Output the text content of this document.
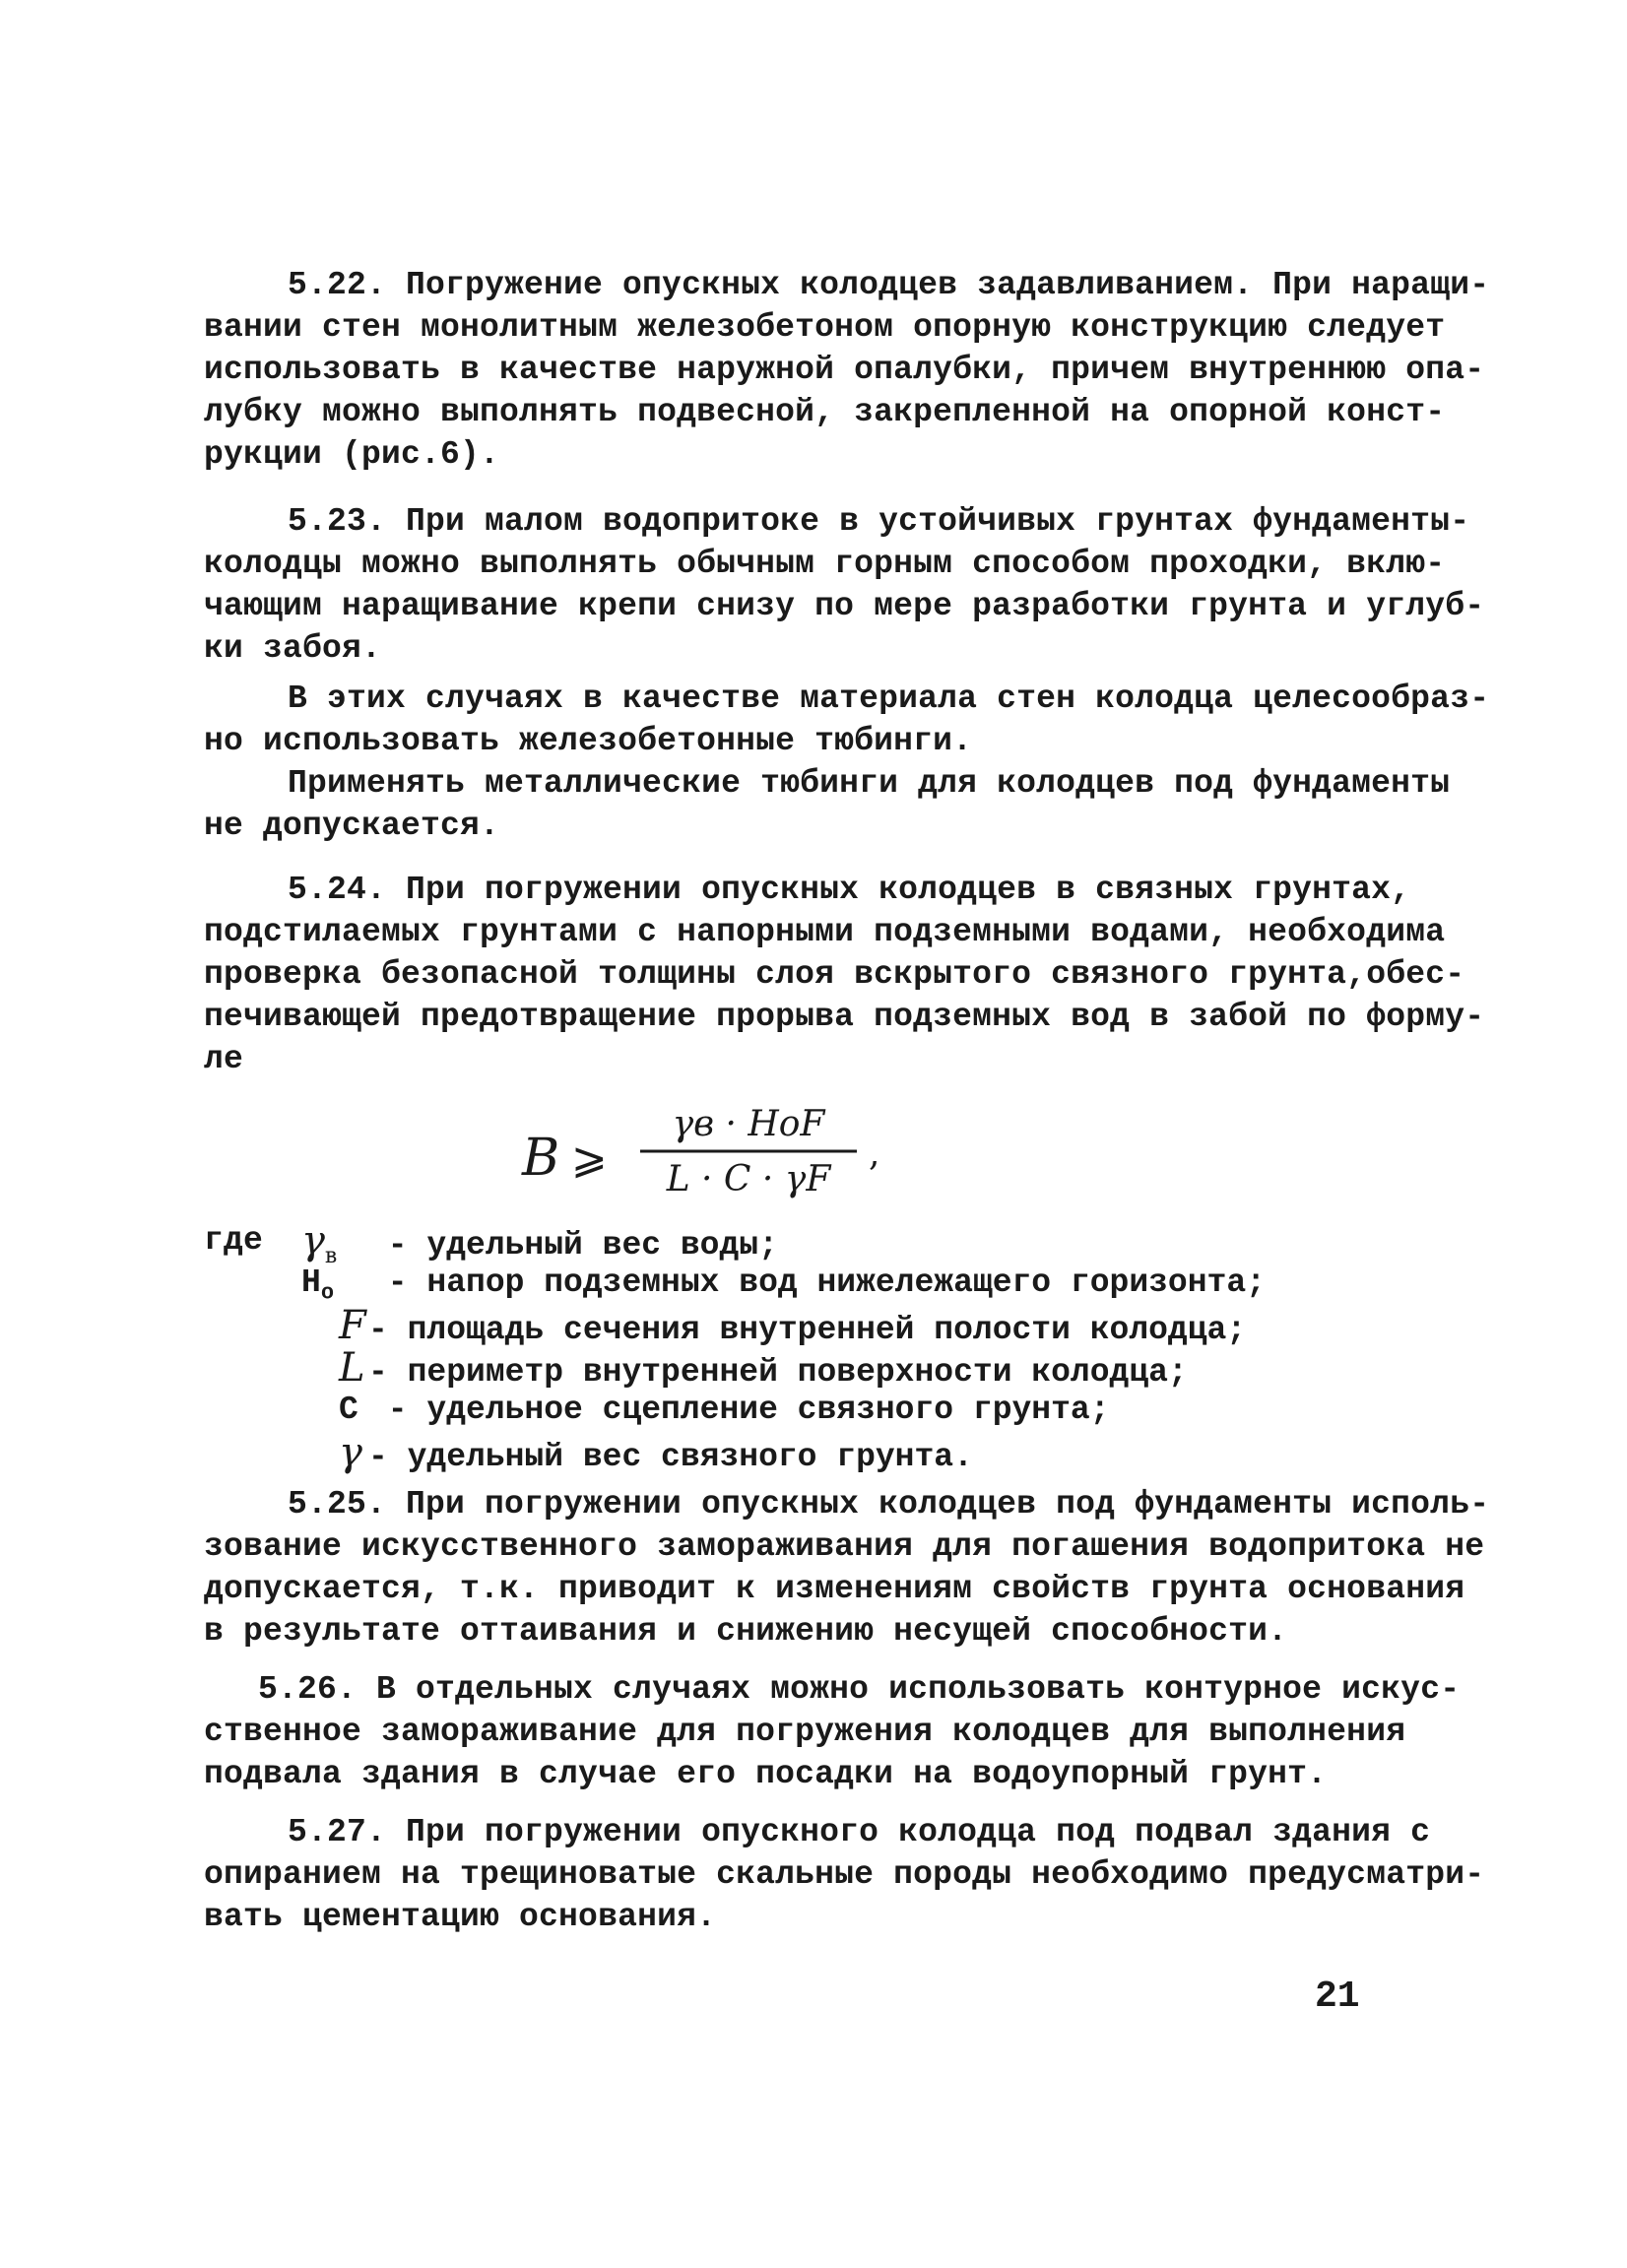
5.22. Погружение опускных колодцев задавливанием. При наращи-
вании стен монолитным железобетоном опорную конструкцию следует
использовать в качестве наружной опалубки, причем внутреннюю опа-
лубку можно выполнять подвесной, закрепленной на опорной конст-
рукции (рис.6).
5.23. При малом водопритоке в устойчивых грунтах фундаменты-
колодцы можно выполнять обычным горным способом проходки, вклю-
чающим наращивание крепи снизу по мере разработки грунта и углуб-
ки забоя.
В этих случаях в качестве материала стен колодца целесообраз-
но использовать железобетонные тюбинги.
Применять металлические тюбинги для колодцев под фундаменты
не допускается.
5.24. При погружении опускных колодцев в связных грунтах,
подстилаемых грунтами с напорными подземными водами, необходима
проверка безопасной толщины слоя вскрытого связного грунта,обес-
печивающей предотвращение прорыва подземных вод в забой по форму-
ле
B ⩾
γв · HoF
L · C · γF
,
где $\gamma_в$ - удельный вес воды;
$H_o$ - напор подземных вод нижележащего горизонта;
F- площадь сечения внутренней полости колодца;
L - периметр внутренней поверхности колодца;
C - удельное сцепление связного грунта;
γ - удельный вес связного грунта.
5.25. При погружении опускных колодцев под фундаменты исполь-
зование искусственного замораживания для погашения водопритока не
допускается, т.к. приводит к изменениям свойств грунта основания
в результате оттаивания и снижению несущей способности.
5.26. В отдельных случаях можно использовать контурное искус-
ственное замораживание для погружения колодцев для выполнения
подвала здания в случае его посадки на водоупорный грунт.
5.27. При погружении опускного колодца под подвал здания с
опиранием на трещиноватые скальные породы необходимо предусматри-
вать цементацию основания.
21
